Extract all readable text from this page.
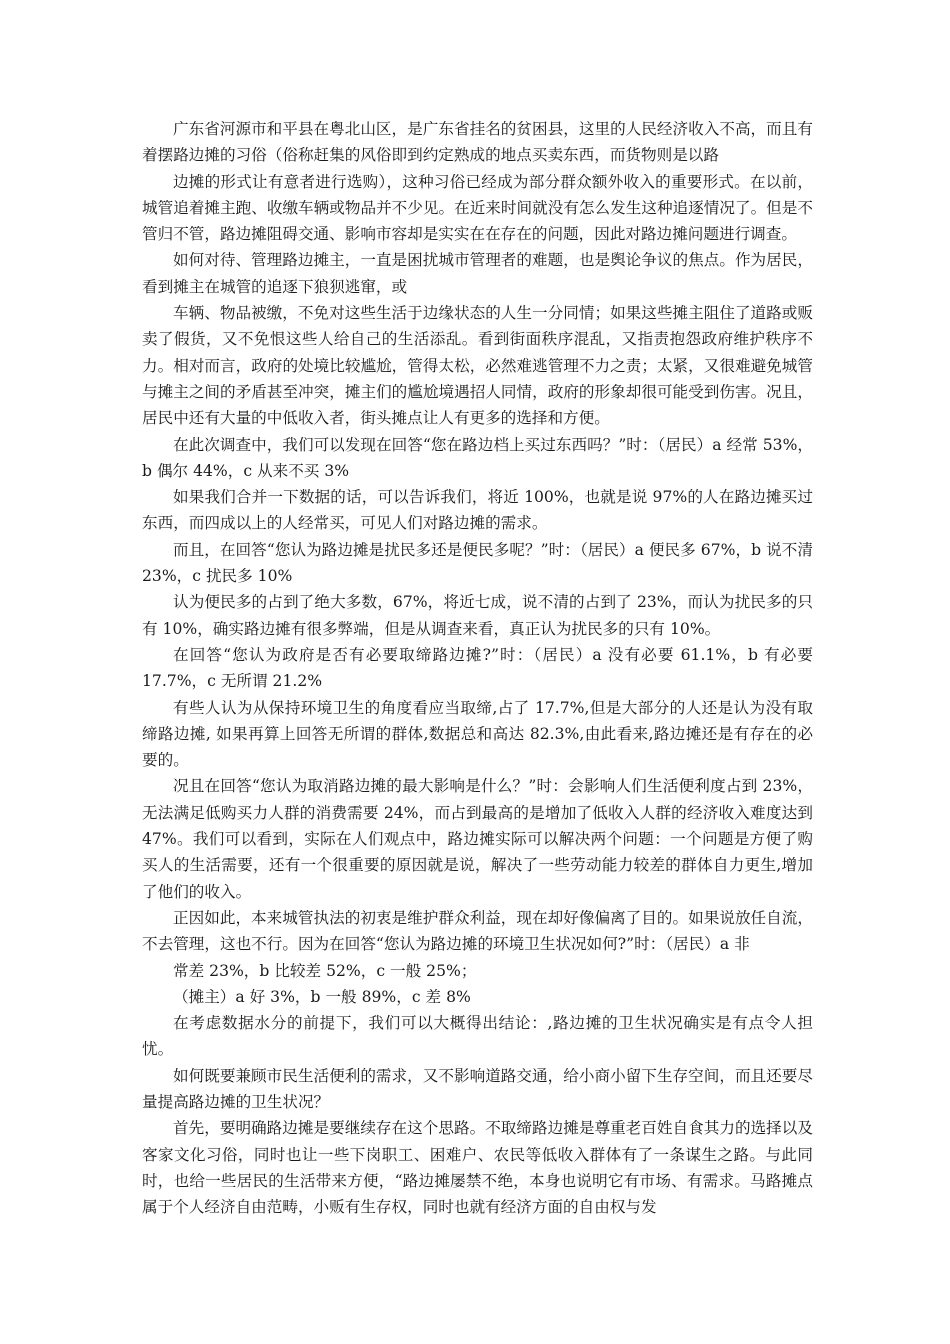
广东省河源市和平县在粤北山区，是广东省挂名的贫困县，这里的人民经济收入不高，而且有着摆路边摊的习俗（俗称赶集的风俗即到约定熟成的地点买卖东西，而货物则是以路

边摊的形式让有意者进行选购），这种习俗已经成为部分群众额外收入的重要形式。在以前，城管追着摊主跑、收缴车辆或物品并不少见。在近来时间就没有怎么发生这种追逐情况了。但是不管归不管，路边摊阻碍交通、影响市容却是实实在在存在的问题，因此对路边摊问题进行调查。

如何对待、管理路边摊主，一直是困扰城市管理者的难题，也是舆论争议的焦点。作为居民，看到摊主在城管的追逐下狼狈逃窜，或

车辆、物品被缴，不免对这些生活于边缘状态的人生一分同情；如果这些摊主阻住了道路或贩卖了假货，又不免恨这些人给自己的生活添乱。看到街面秩序混乱，又指责抱怨政府维护秩序不力。相对而言，政府的处境比较尴尬，管得太松，必然难逃管理不力之责；太紧，又很难避免城管与摊主之间的矛盾甚至冲突，摊主们的尴尬境遇招人同情，政府的形象却很可能受到伤害。况且，居民中还有大量的中低收入者，街头摊点让人有更多的选择和方便。

在此次调查中，我们可以发现在回答“您在路边档上买过东西吗？”时：（居民）a 经常 53%，b 偶尔 44%，c 从来不买 3%

如果我们合并一下数据的话，可以告诉我们，将近 100%，也就是说 97%的人在路边摊买过东西，而四成以上的人经常买，可见人们对路边摊的需求。

而且，在回答“您认为路边摊是扰民多还是便民多呢？”时：（居民）a 便民多 67%，b 说不清 23%，c 扰民多 10%

认为便民多的占到了绝大多数，67%，将近七成，说不清的占到了 23%，而认为扰民多的只有 10%，确实路边摊有很多弊端，但是从调查来看，真正认为扰民多的只有 10%。

在回答“您认为政府是否有必要取缔路边摊?”时：（居民）a 没有必要 61.1%，b 有必要 17.7%，c 无所谓 21.2%

有些人认为从保持环境卫生的角度看应当取缔,占了 17.7%,但是大部分的人还是认为没有取缔路边摊, 如果再算上回答无所谓的群体,数据总和高达 82.3%,由此看来,路边摊还是有存在的必要的。

况且在回答“您认为取消路边摊的最大影响是什么？”时：会影响人们生活便利度占到 23%，无法满足低购买力人群的消费需要 24%，而占到最高的是增加了低收入人群的经济收入难度达到 47%。我们可以看到，实际在人们观点中，路边摊实际可以解决两个问题：一个问题是方便了购买人的生活需要，还有一个很重要的原因就是说，解决了一些劳动能力较差的群体自力更生,增加了他们的收入。

正因如此，本来城管执法的初衷是维护群众利益，现在却好像偏离了目的。如果说放任自流，不去管理，这也不行。因为在回答“您认为路边摊的环境卫生状况如何?”时：（居民）a 非

常差 23%，b 比较差 52%，c 一般 25%；

（摊主）a 好 3%，b 一般 89%，c 差 8%

在考虑数据水分的前提下，我们可以大概得出结论：,路边摊的卫生状况确实是有点令人担忧。

如何既要兼顾市民生活便利的需求，又不影响道路交通，给小商小留下生存空间，而且还要尽量提高路边摊的卫生状况？

首先，要明确路边摊是要继续存在这个思路。不取缔路边摊是尊重老百姓自食其力的选择以及客家文化习俗，同时也让一些下岗职工、困难户、农民等低收入群体有了一条谋生之路。与此同时，也给一些居民的生活带来方便，“路边摊屡禁不绝，本身也说明它有市场、有需求。马路摊点属于个人经济自由范畴，小贩有生存权，同时也就有经济方面的自由权与发
